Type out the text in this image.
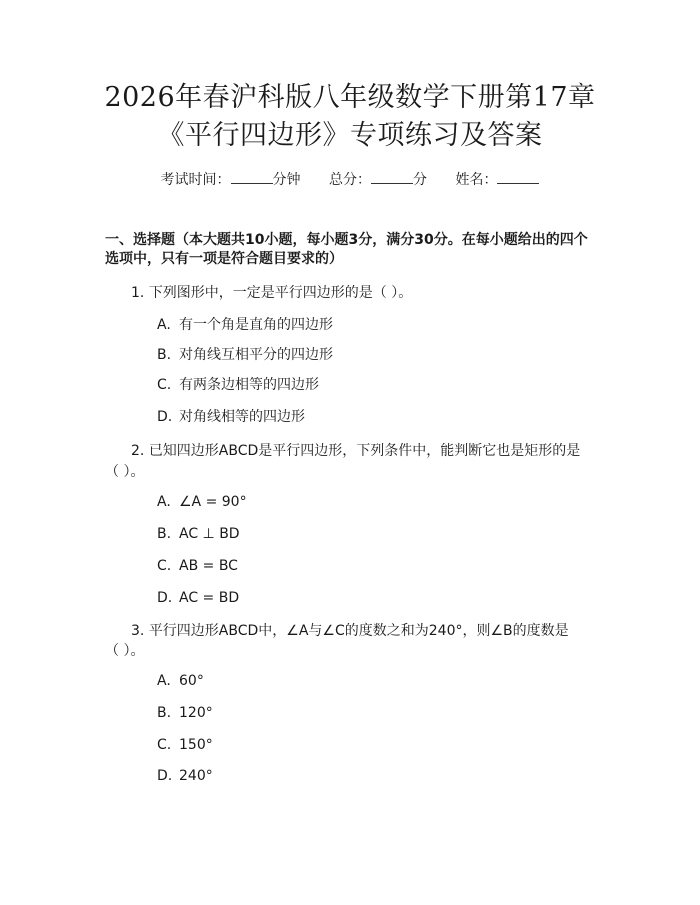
2026年春沪科版八年级数学下册第17章
《平行四边形》专项练习及答案
考试时间：	分钟 总分：	分 姓名：
一、选择题（本大题共10小题，每小题3分，满分30分。在每小题给出的四个
选项中，只有一项是符合题目要求的）
1. 下列图形中，一定是平行四边形的是（ ）。
A. 有一个角是直角的四边形
B. 对角线互相平分的四边形
C. 有两条边相等的四边形
D. 对角线相等的四边形
2. 已知四边形ABCD是平行四边形，下列条件中，能判断它也是矩形的是
（ ）。
A. ∠A = 90°
B. AC ⊥ BD
C. AB = BC
D. AC = BD
3. 平行四边形ABCD中，∠A与∠C的度数之和为240°，则∠B的度数是
（ ）。
A. 60°
B. 120°
C. 150°
D. 240°
